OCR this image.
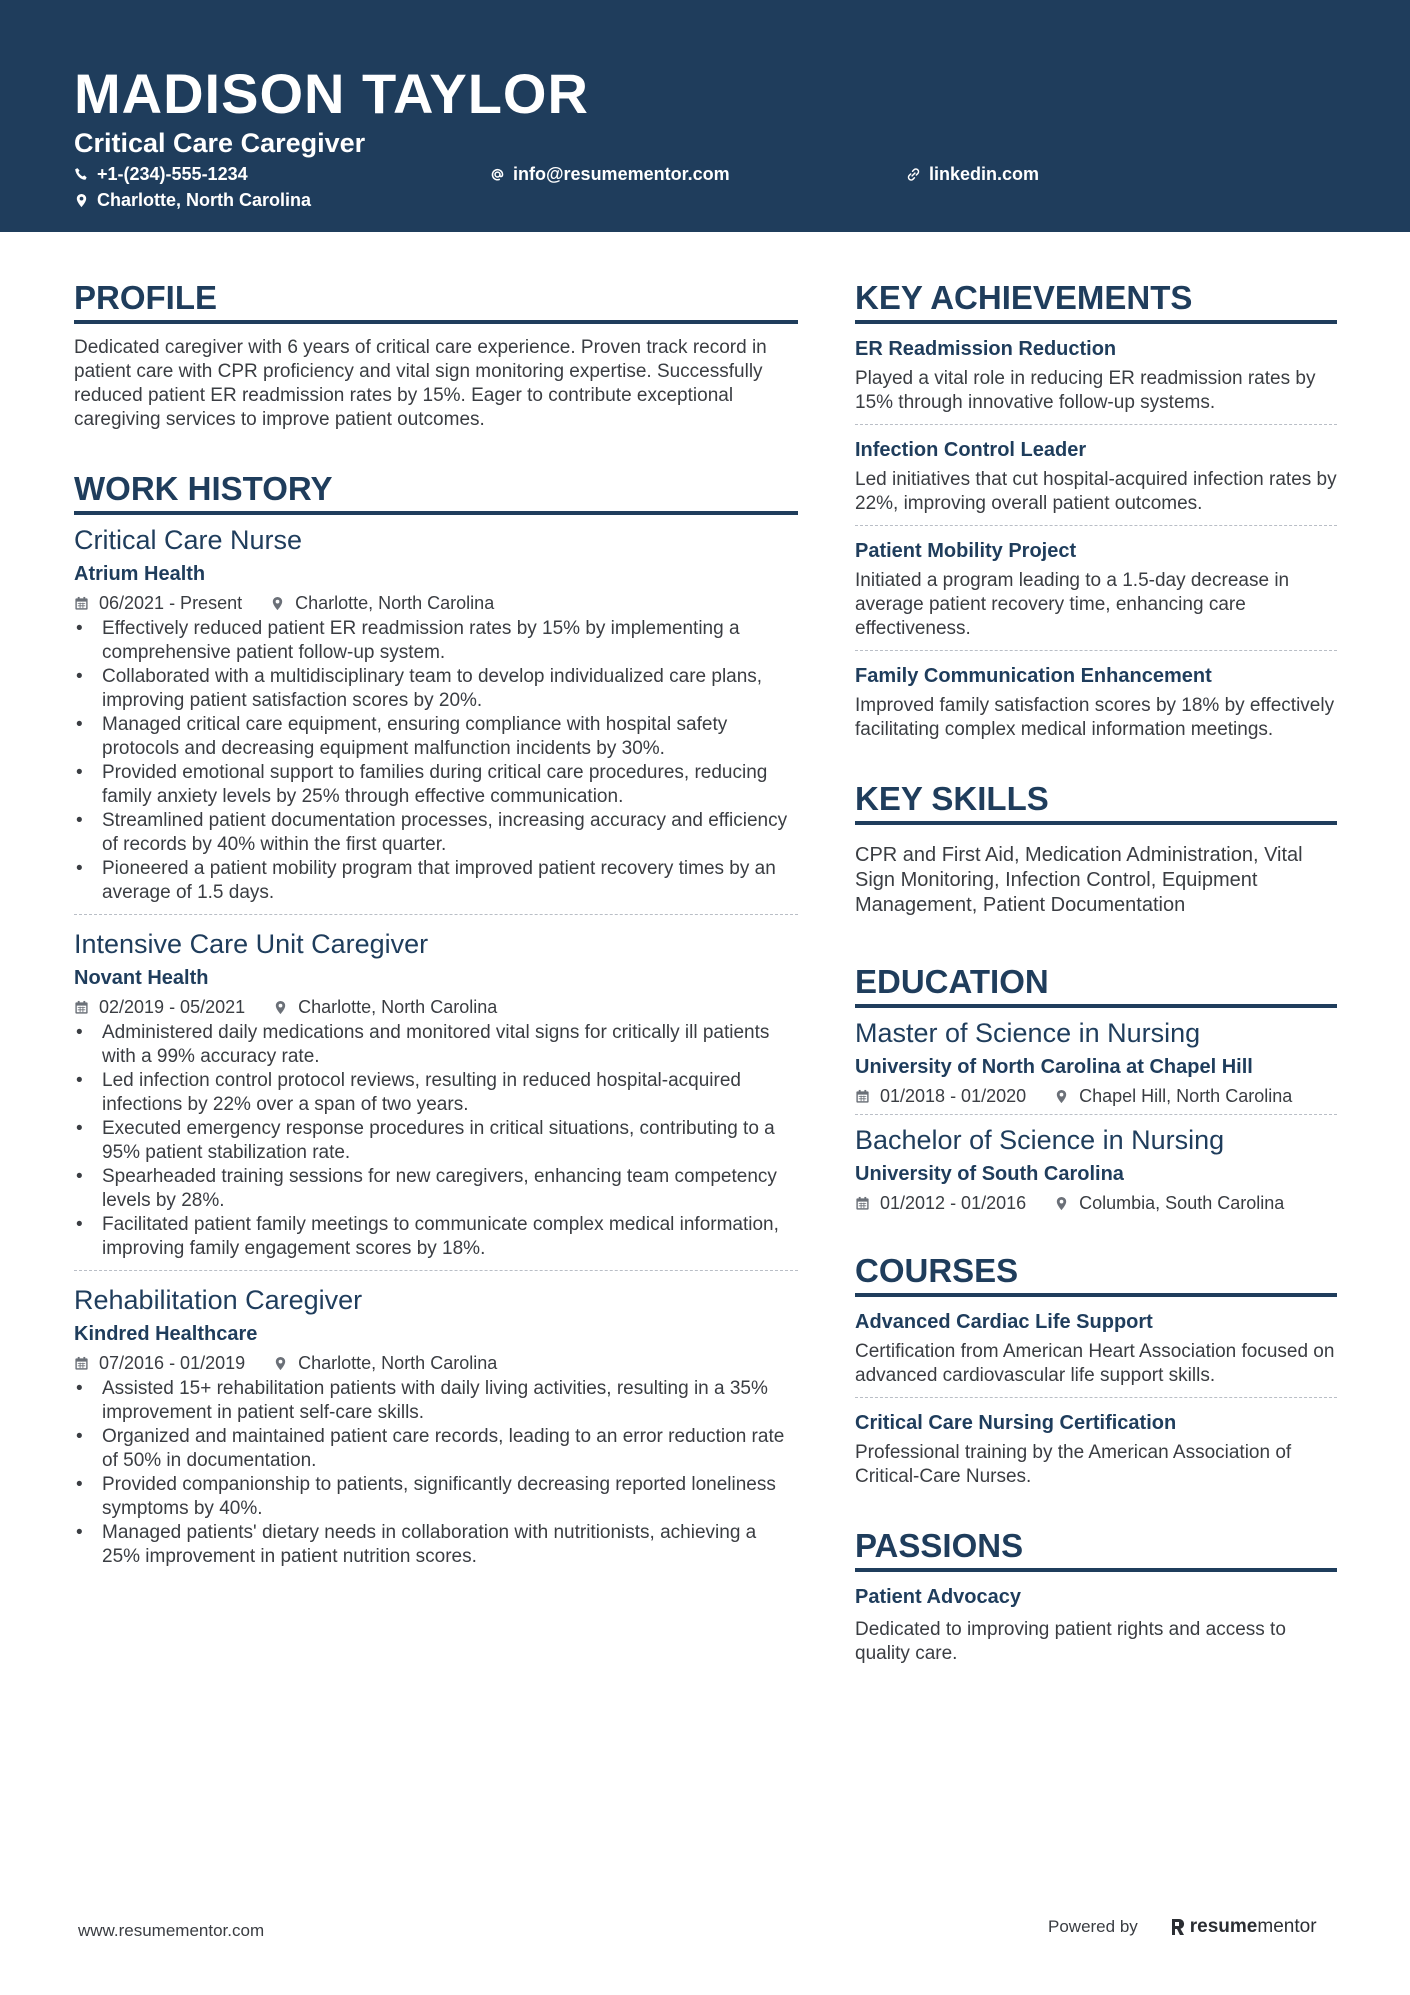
MADISON TAYLOR
Critical Care Caregiver
+1-(234)-555-1234	info@resumementor.com	linkedin.com
Charlotte, North Carolina
PROFILE

Dedicated caregiver with 6 years of critical care experience. Proven track record in patient care with CPR proficiency and vital sign monitoring expertise. Successfully reduced patient ER readmission rates by 15%. Eager to contribute exceptional caregiving services to improve patient outcomes.

WORK HISTORY
Critical Care Nurse
Atrium Health
06/2021 - Present	Charlotte, North Carolina
• Effectively reduced patient ER readmission rates by 15% by implementing a comprehensive patient follow-up system.
• Collaborated with a multidisciplinary team to develop individualized care plans, improving patient satisfaction scores by 20%.
• Managed critical care equipment, ensuring compliance with hospital safety protocols and decreasing equipment malfunction incidents by 30%.
• Provided emotional support to families during critical care procedures, reducing family anxiety levels by 25% through effective communication.
• Streamlined patient documentation processes, increasing accuracy and efficiency of records by 40% within the first quarter.
• Pioneered a patient mobility program that improved patient recovery times by an average of 1.5 days.
Intensive Care Unit Caregiver
Novant Health
02/2019 - 05/2021	Charlotte, North Carolina
• Administered daily medications and monitored vital signs for critically ill patients with a 99% accuracy rate.
• Led infection control protocol reviews, resulting in reduced hospital-acquired infections by 22% over a span of two years.
• Executed emergency response procedures in critical situations, contributing to a 95% patient stabilization rate.
• Spearheaded training sessions for new caregivers, enhancing team competency levels by 28%.
• Facilitated patient family meetings to communicate complex medical information, improving family engagement scores by 18%.
Rehabilitation Caregiver
Kindred Healthcare
07/2016 - 01/2019	Charlotte, North Carolina
• Assisted 15+ rehabilitation patients with daily living activities, resulting in a 35% improvement in patient self-care skills.
• Organized and maintained patient care records, leading to an error reduction rate of 50% in documentation.
• Provided companionship to patients, significantly decreasing reported loneliness symptoms by 40%.
• Managed patients' dietary needs in collaboration with nutritionists, achieving a 25% improvement in patient nutrition scores.
KEY ACHIEVEMENTS
ER Readmission Reduction
Played a vital role in reducing ER readmission rates by 15% through innovative follow-up systems.
Infection Control Leader
Led initiatives that cut hospital-acquired infection rates by 22%, improving overall patient outcomes.
Patient Mobility Project
Initiated a program leading to a 1.5-day decrease in average patient recovery time, enhancing care effectiveness.
Family Communication Enhancement
Improved family satisfaction scores by 18% by effectively facilitating complex medical information meetings.
KEY SKILLS

CPR and First Aid, Medication Administration, Vital Sign Monitoring, Infection Control, Equipment Management, Patient Documentation

EDUCATION
Master of Science in Nursing
University of North Carolina at Chapel Hill
01/2018 - 01/2020	Chapel Hill, North Carolina
Bachelor of Science in Nursing
University of South Carolina
01/2012 - 01/2016	Columbia, South Carolina
COURSES
Advanced Cardiac Life Support
Certification from American Heart Association focused on advanced cardiovascular life support skills.
Critical Care Nursing Certification
Professional training by the American Association of Critical-Care Nurses.
PASSIONS
Patient Advocacy
Dedicated to improving patient rights and access to quality care.
www.resumementor.com	Powered by	resume mentor
